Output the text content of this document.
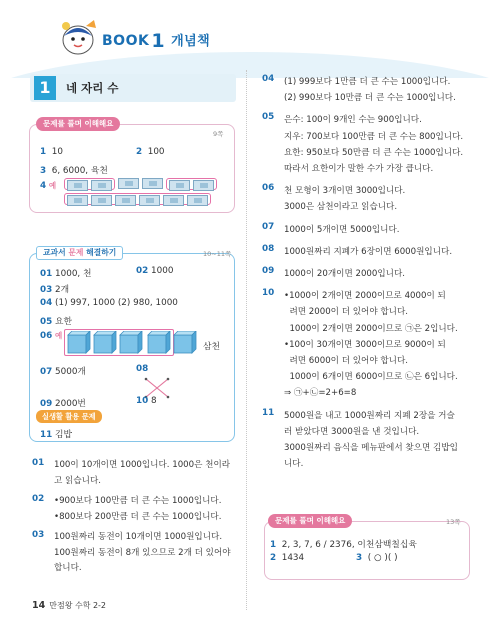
BOOK 1 개념책
1	네 자리 수
문제를 풀며 이해해요
9쪽
1 10	2 100
3 6, 6000, 육천
4 예
교과서 문제 해결하기	10~11쪽
01 1000, 천	02 1000
03 2개
04 (1) 997, 1000 (2) 980, 1000
05 요한
06 예
삼천
07 5000개	08
09 2000번	10 8
실생활 활용 문제
11 김밥
01 100이 10개이면 1000입니다. 1000은 천이라
고 읽습니다.
02 •900보다 100만큼 더 큰 수는 1000입니다.
•800보다 200만큼 더 큰 수는 1000입니다.
03 100원짜리 동전이 10개이면 1000원입니다.
100원짜리 동전이 8개 있으므로 2개 더 있어야
합니다.
04 (1) 999보다 1만큼 더 큰 수는 1000입니다.
(2) 990보다 10만큼 더 큰 수는 1000입니다.
05 은수: 100이 9개인 수는 900입니다.
지우: 700보다 100만큼 더 큰 수는 800입니다.
요한: 950보다 50만큼 더 큰 수는 1000입니다.
따라서 요한이가 말한 수가 가장 큽니다.
06 천 모형이 3개이면 3000입니다.
3000은 삼천이라고 읽습니다.
07 1000이 5개이면 5000입니다.
08 1000원짜리 지폐가 6장이면 6000원입니다.
09 1000이 20개이면 2000입니다.
10 •1000이 2개이면 2000이므로 4000이 되
려면 2000이 더 있어야 합니다.
1000이 2개이면 2000이므로 ㉠은 2입니다.
•100이 30개이면 3000이므로 9000이 되
려면 6000이 더 있어야 합니다.
1000이 6개이면 6000이므로 ㉡은 6입니다.
⇒ ㉠+㉡=2+6=8
11 5000원을 내고 1000원짜리 지폐 2장을 거슬
러 받았다면 3000원을 낸 것입니다.
3000원짜리 음식을 메뉴판에서 찾으면 김밥입
니다.
문제를 풀며 이해해요	13쪽
1 2, 3, 7, 6 / 2376, 이천삼백칠십육
2 1434	3 ( ○ )( )
14 만점왕 수학 2-2
